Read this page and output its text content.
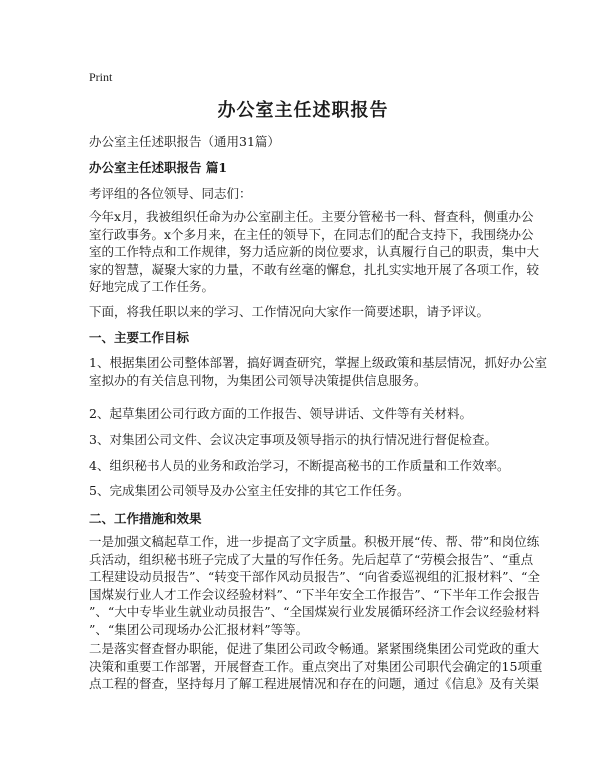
Print
办公室主任述职报告
办公室主任述职报告（通用31篇）
办公室主任述职报告 篇1
考评组的各位领导、同志们：
今年x月，我被组织任命为办公室副主任。主要分管秘书一科、督查科，侧重办公
室行政事务。x个多月来，在主任的领导下，在同志们的配合支持下，我围绕办公
室的工作特点和工作规律，努力适应新的岗位要求，认真履行自己的职责，集中大
家的智慧，凝聚大家的力量，不敢有丝毫的懈怠，扎扎实实地开展了各项工作，较
好地完成了工作任务。
下面，将我任职以来的学习、工作情况向大家作一简要述职，请予评议。
一、主要工作目标
1、根据集团公司整体部署，搞好调查研究，掌握上级政策和基层情况，抓好办公室
室拟办的有关信息刊物，为集团公司领导决策提供信息服务。
2、起草集团公司行政方面的工作报告、领导讲话、文件等有关材料。
3、对集团公司文件、会议决定事项及领导指示的执行情况进行督促检查。
4、组织秘书人员的业务和政治学习，不断提高秘书的工作质量和工作效率。
5、完成集团公司领导及办公室主任安排的其它工作任务。
二、工作措施和效果
一是加强文稿起草工作，进一步提高了文字质量。积极开展“传、帮、带”和岗位练
兵活动，组织秘书班子完成了大量的写作任务。先后起草了“劳模会报告”、“重点
工程建设动员报告”、“转变干部作风动员报告”、“向省委巡视组的汇报材料”、“全
国煤炭行业人才工作会议经验材料”、“下半年安全工作报告”、“下半年工作会报告
”、“大中专毕业生就业动员报告”、“全国煤炭行业发展循环经济工作会议经验材料
”、“集团公司现场办公汇报材料”等等。
二是落实督查督办职能，促进了集团公司政令畅通。紧紧围绕集团公司党政的重大
决策和重要工作部署，开展督查工作。重点突出了对集团公司职代会确定的15项重
点工程的督查，坚持每月了解工程进展情况和存在的问题，通过《信息》及有关渠
